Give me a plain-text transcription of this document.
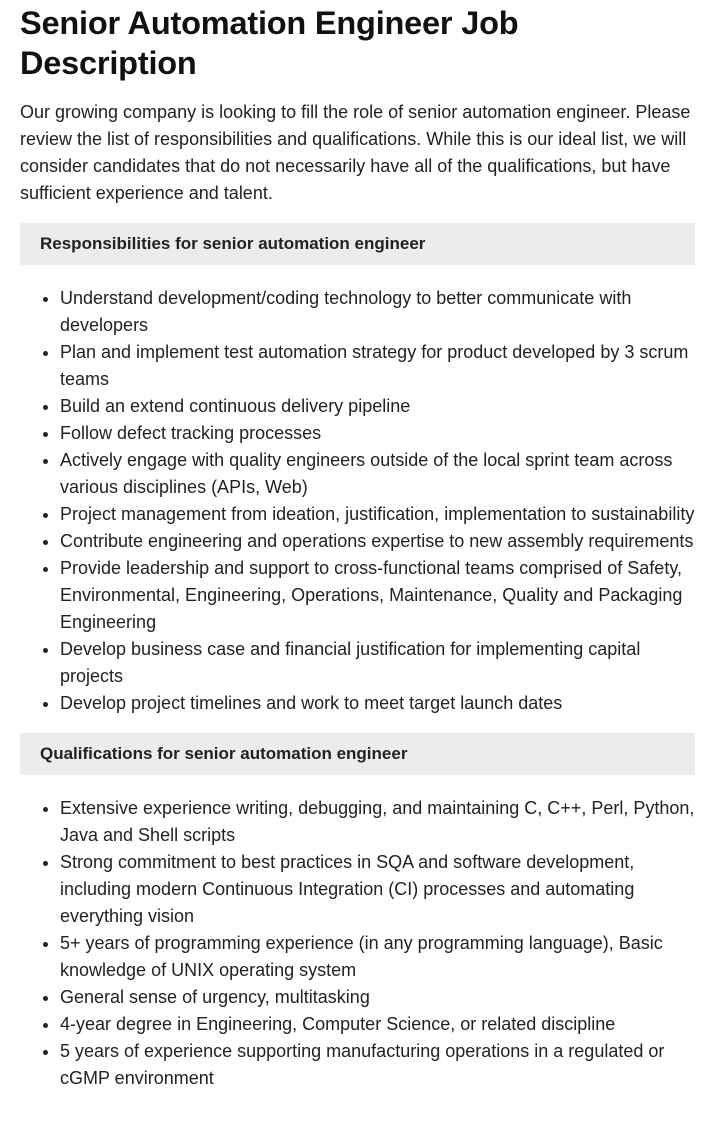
Senior Automation Engineer Job Description

Our growing company is looking to fill the role of senior automation engineer. Please review the list of responsibilities and qualifications. While this is our ideal list, we will consider candidates that do not necessarily have all of the qualifications, but have sufficient experience and talent.

Responsibilities for senior automation engineer
• Understand development/coding technology to better communicate with developers
• Plan and implement test automation strategy for product developed by 3 scrum teams
• Build an extend continuous delivery pipeline
• Follow defect tracking processes
• Actively engage with quality engineers outside of the local sprint team across various disciplines (APIs, Web)
• Project management from ideation, justification, implementation to sustainability
• Contribute engineering and operations expertise to new assembly requirements
• Provide leadership and support to cross-functional teams comprised of Safety, Environmental, Engineering, Operations, Maintenance, Quality and Packaging Engineering
• Develop business case and financial justification for implementing capital projects
• Develop project timelines and work to meet target launch dates
Qualifications for senior automation engineer
• Extensive experience writing, debugging, and maintaining C, C++, Perl, Python, Java and Shell scripts
• Strong commitment to best practices in SQA and software development, including modern Continuous Integration (CI) processes and automating everything vision
• 5+ years of programming experience (in any programming language), Basic knowledge of UNIX operating system
• General sense of urgency, multitasking
• 4-year degree in Engineering, Computer Science, or related discipline
• 5 years of experience supporting manufacturing operations in a regulated or cGMP environment
